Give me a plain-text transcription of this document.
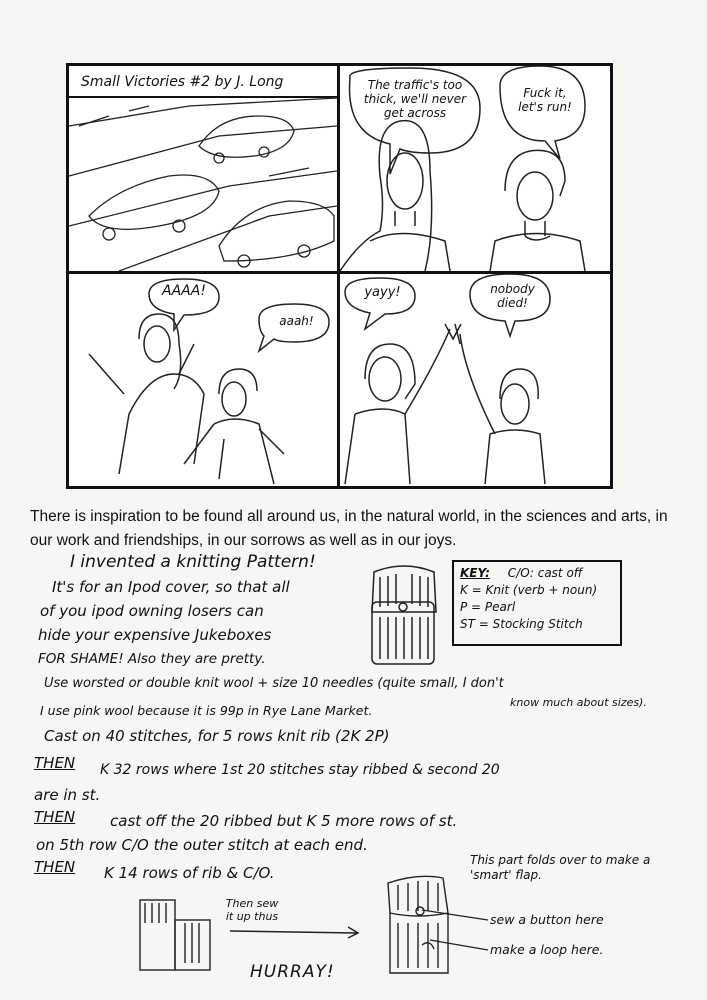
Small Victories #2 by J. Long	The traffic's too thick, we'll never get across
Fuck it, let's run!
AAAA!
aaah!
yayy!	nobody died!
There is inspiration to be found all around us, in the natural world, in the sciences and arts, in our work and friendships, in our sorrows as well as in our joys.
I invented a knitting Pattern!
It's for an Ipod cover, so that all
of you ipod owning losers can
hide your expensive Jukeboxes
FOR SHAME! Also they are pretty.
KEY: C/O: cast off
K = Knit (verb + noun)
P = Pearl
ST = Stocking Stitch
Use worsted or double knit wool + size 10 needles (quite small, I don't
I use pink wool because it is 99p in Rye Lane Market.
know much about sizes).
Cast on 40 stitches, for 5 rows knit rib (2K 2P)
THEN K 32 rows where 1st 20 stitches stay ribbed & second 20
are in st.
THEN cast off the 20 ribbed but K 5 more rows of st.
on 5th row C/O the outer stitch at each end.
THEN K 14 rows of rib & C/O.
Then sew it up thus
HURRAY!
This part folds over to make a 'smart' flap.
sew a button here
make a loop here.
